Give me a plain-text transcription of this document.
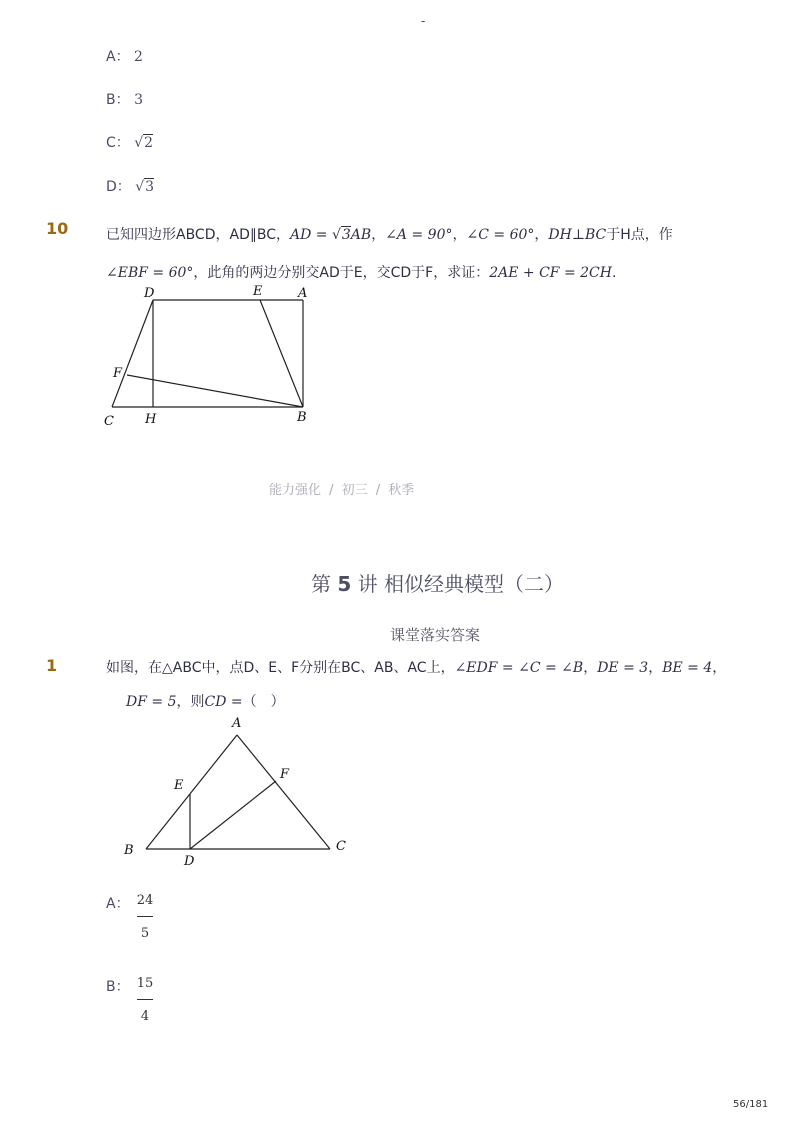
-
A： 2
B： 3
C： √2
D： √3
10	已知四边形ABCD，AD∥BC，AD = √3AB，∠A = 90°，∠C = 60°，DH⊥BC于H点，作
∠EBF = 60°，此角的两边分别交AD于E，交CD于F，求证：2AE + CF = 2CH.
D	E	A
F
C H	B
能力强化 / 初三 / 秋季
第 5 讲 相似经典模型（二）
课堂落实答案
1	如图，在△ABC中，点D、E、F分别在BC、AB、AC上，∠EDF = ∠C = ∠B，DE = 3，BE = 4，
DF = 5，则CD =（　）
A
E
F
B
D
C
A： 24
5
B： 15
4
56/181
